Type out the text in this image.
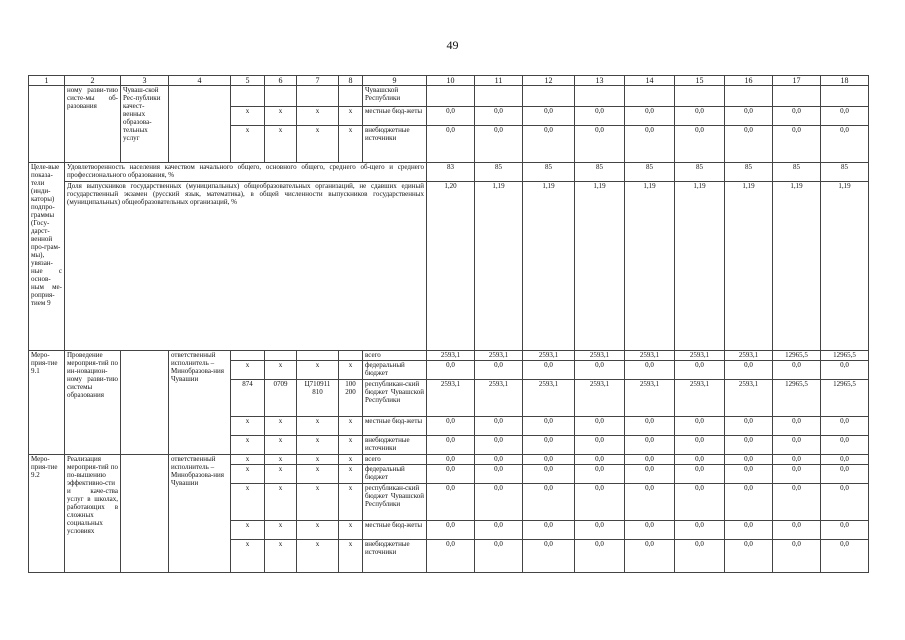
49
1	2	3	4	5	6	7	8	9	10	11	12	13	14	15	16	17	18
	ному разви-тию систе-мы об-разования	Чуваш-ской Рес-публики качест-венных образова-тельных услуг						Чувашской Республики									
				x	x	x	x	местные бюд-жеты	0,0	0,0	0,0	0,0	0,0	0,0	0,0	0,0	0,0
				x	x	x	x	внебюджетные источники	0,0	0,0	0,0	0,0	0,0	0,0	0,0	0,0	0,0
Целе-вые показа-тели (инди-каторы) подпро-граммы (Госу-дарст-венной про-грам-мы), увязан-ные с основ-ным ме-роприя-тием 9	Удовлетворенность населения качеством начального общего, основного общего, среднего об-щего и среднего профессионального образования, %								83	85	85	85	85	85	85	85	85
	Доля выпускников государственных (муниципальных) общеобразовательных организаций, не сдавших единый государственный экзамен (русский язык, математика), в общей численности выпускников государственных (муниципальных) общеобразовательных организаций, %								1,20	1,19	1,19	1,19	1,19	1,19	1,19	1,19	1,19
Меро-прия-тие 9.1	Проведение мероприя-тий по ин-новацион-ному разви-тию системы образования		ответственный исполнитель – Минобразова-ния Чувашии					всего	2593,1	2593,1	2593,1	2593,1	2593,1	2593,1	2593,1	12965,5	12965,5
				x	x	x	x	федеральный бюджет	0,0	0,0	0,0	0,0	0,0	0,0	0,0	0,0	0,0
				874	0709	Ц710911 810	100 200	республикан-ский бюджет Чувашской Республики	2593,1	2593,1	2593,1	2593,1	2593,1	2593,1	2593,1	12965,5	12965,5
				x	x	x	x	местные бюд-жеты	0,0	0,0	0,0	0,0	0,0	0,0	0,0	0,0	0,0
				x	x	x	x	внебюджетные источники	0,0	0,0	0,0	0,0	0,0	0,0	0,0	0,0	0,0
Меро-прия-тие 9.2	Реализация мероприя-тий по по-вышению эффективно-сти и каче-ства услуг в школах, работающих в сложных социальных условиях		ответственный исполнитель – Минобразова-ния Чувашии	x	x	x	x	всего	0,0	0,0	0,0	0,0	0,0	0,0	0,0	0,0	0,0
				x	x	x	x	федеральный бюджет	0,0	0,0	0,0	0,0	0,0	0,0	0,0	0,0	0,0
				x	x	x	x	республикан-ский бюджет Чувашской Республики	0,0	0,0	0,0	0,0	0,0	0,0	0,0	0,0	0,0
				x	x	x	x	местные бюд-жеты	0,0	0,0	0,0	0,0	0,0	0,0	0,0	0,0	0,0
				x	x	x	x	внебюджетные источники	0,0	0,0	0,0	0,0	0,0	0,0	0,0	0,0	0,0
